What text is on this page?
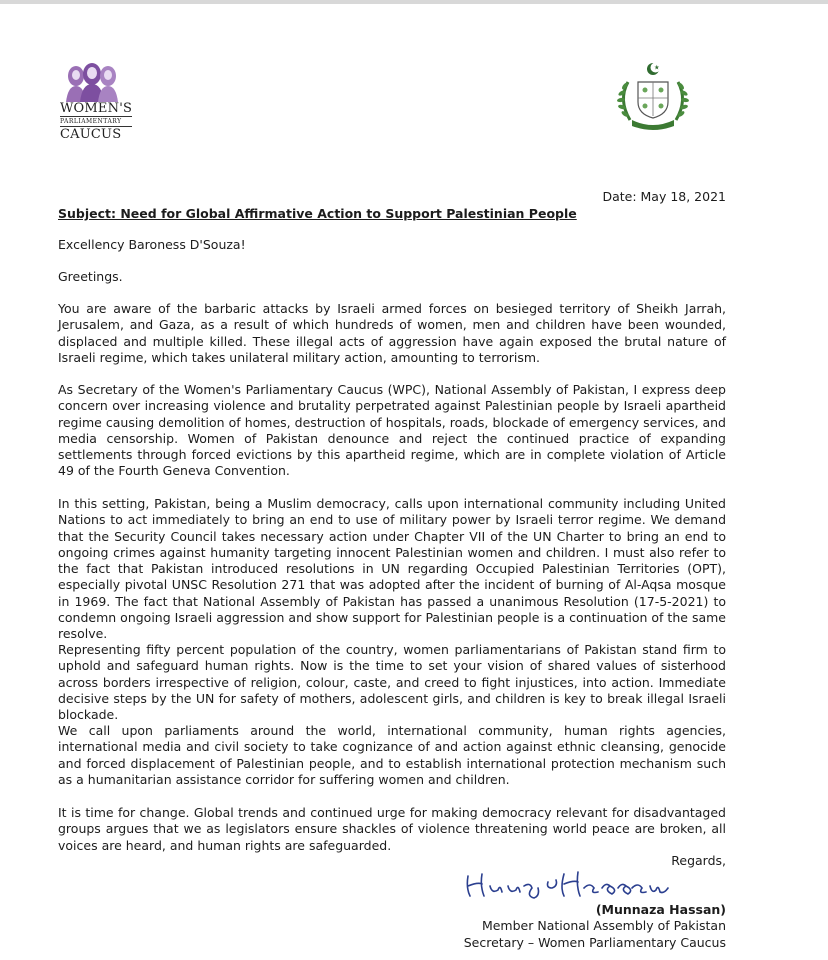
WOMEN'S
PARLIAMENTARY
CAUCUS
Date: May 18, 2021
Subject: Need for Global Affirmative Action to Support Palestinian People
Excellency Baroness D'Souza!
Greetings.

You are aware of the barbaric attacks by Israeli armed forces on besieged territory of Sheikh Jarrah, Jerusalem, and Gaza, as a result of which hundreds of women, men and children have been wounded, displaced and multiple killed. These illegal acts of aggression have again exposed the brutal nature of Israeli regime, which takes unilateral military action, amounting to terrorism.

As Secretary of the Women's Parliamentary Caucus (WPC), National Assembly of Pakistan, I express deep concern over increasing violence and brutality perpetrated against Palestinian people by Israeli apartheid regime causing demolition of homes, destruction of hospitals, roads, blockade of emergency services, and media censorship. Women of Pakistan denounce and reject the continued practice of expanding settlements through forced evictions by this apartheid regime, which are in complete violation of Article 49 of the Fourth Geneva Convention.

In this setting, Pakistan, being a Muslim democracy, calls upon international community including United Nations to act immediately to bring an end to use of military power by Israeli terror regime. We demand that the Security Council takes necessary action under Chapter VII of the UN Charter to bring an end to ongoing crimes against humanity targeting innocent Palestinian women and children. I must also refer to the fact that Pakistan introduced resolutions in UN regarding Occupied Palestinian Territories (OPT), especially pivotal UNSC Resolution 271 that was adopted after the incident of burning of Al-Aqsa mosque in 1969. The fact that National Assembly of Pakistan has passed a unanimous Resolution (17-5-2021) to condemn ongoing Israeli aggression and show support for Palestinian people is a continuation of the same resolve.

Representing fifty percent population of the country, women parliamentarians of Pakistan stand firm to uphold and safeguard human rights. Now is the time to set your vision of shared values of sisterhood across borders irrespective of religion, colour, caste, and creed to fight injustices, into action. Immediate decisive steps by the UN for safety of mothers, adolescent girls, and children is key to break illegal Israeli blockade.

We call upon parliaments around the world, international community, human rights agencies, international media and civil society to take cognizance of and action against ethnic cleansing, genocide and forced displacement of Palestinian people, and to establish international protection mechanism such as a humanitarian assistance corridor for suffering women and children.

It is time for change. Global trends and continued urge for making democracy relevant for disadvantaged groups argues that we as legislators ensure shackles of violence threatening world peace are broken, all voices are heard, and human rights are safeguarded.

Regards,
(Munnaza Hassan)
Member National Assembly of Pakistan
Secretary – Women Parliamentary Caucus
